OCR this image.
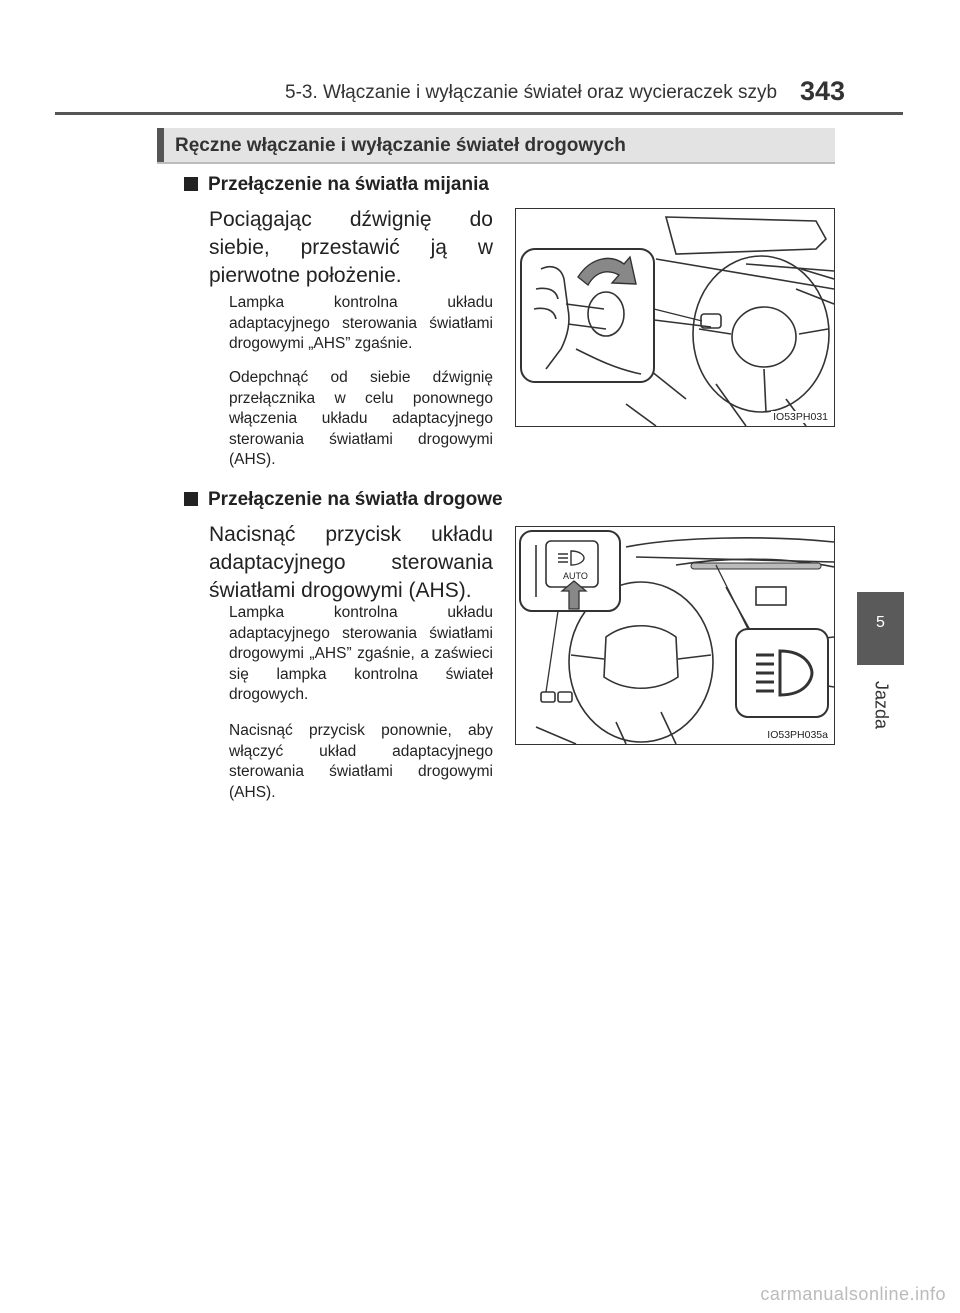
5-3. Włączanie i wyłączanie świateł oraz wycieraczek szyb 343
Ręczne włączanie i wyłączanie świateł drogowych
Przełączenie na światła mijania
Pociągając dźwignię do siebie, przestawić ją w pierwotne położenie.
Lampka kontrolna układu adaptacyjnego sterowania światłami drogowymi „AHS” zgaśnie.
Odepchnąć od siebie dźwignię przełącznika w celu ponownego włączenia układu adaptacyjnego sterowania światłami drogowymi (AHS).
IO53PH031
Przełączenie na światła drogowe
Nacisnąć przycisk układu adaptacyjnego sterowania światłami drogowymi (AHS).
Lampka kontrolna układu adaptacyjnego sterowania światłami drogowymi „AHS” zgaśnie, a zaświeci się lampka kontrolna świateł drogowych.
Nacisnąć przycisk ponownie, aby włączyć układ adaptacyjnego sterowania światłami drogowymi (AHS).
AUTO
IO53PH035a
5
Jazda
carmanualsonline.info
